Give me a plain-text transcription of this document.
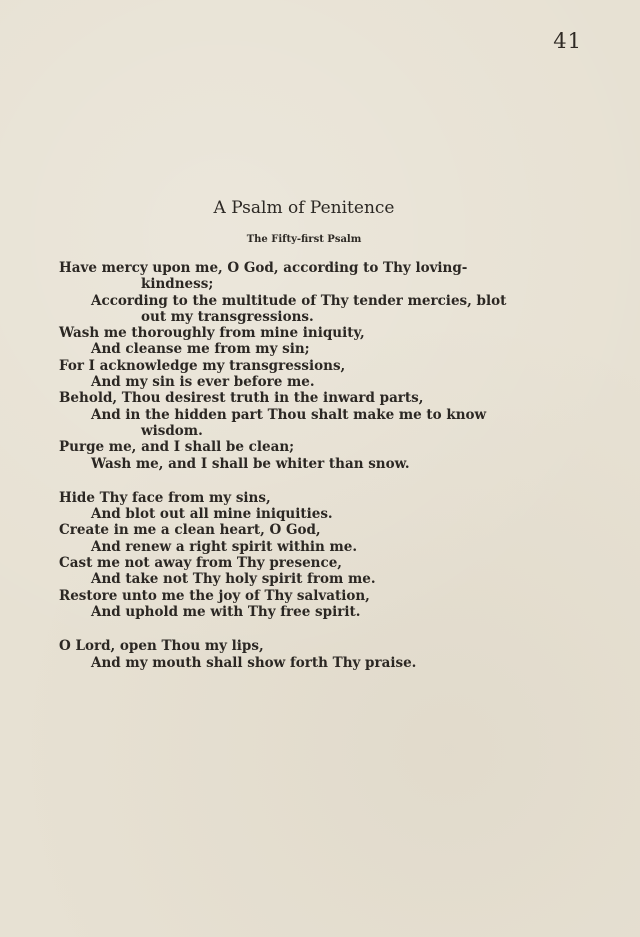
41
A Psalm of Penitence
The Fifty-first Psalm
Have mercy upon me, O God, according to Thy loving-
kindness;
According to the multitude of Thy tender mercies, blot
out my transgressions.
Wash me thoroughly from mine iniquity,
And cleanse me from my sin;
For I acknowledge my transgressions,
And my sin is ever before me.
Behold, Thou desirest truth in the inward parts,
And in the hidden part Thou shalt make me to know
wisdom.
Purge me, and I shall be clean;
Wash me, and I shall be whiter than snow.
Hide Thy face from my sins,
And blot out all mine iniquities.
Create in me a clean heart, O God,
And renew a right spirit within me.
Cast me not away from Thy presence,
And take not Thy holy spirit from me.
Restore unto me the joy of Thy salvation,
And uphold me with Thy free spirit.
O Lord, open Thou my lips,
And my mouth shall show forth Thy praise.
